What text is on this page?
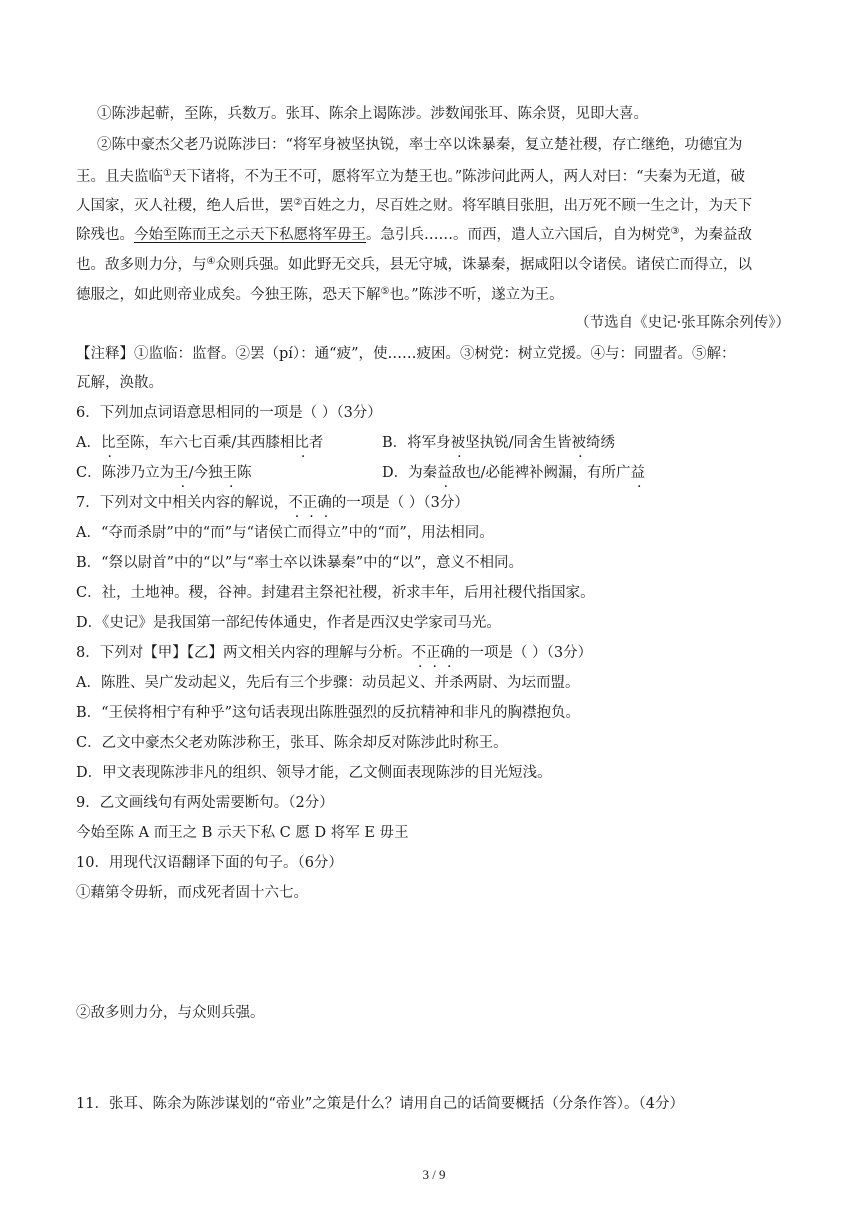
①陈涉起蕲，至陈，兵数万。张耳、陈余上谒陈涉。涉数闻张耳、陈余贤，见即大喜。
②陈中豪杰父老乃说陈涉曰：“将军身被坚执锐，率士卒以诛暴秦，复立楚社稷，存亡继绝，功德宜为
王。且夫监临①天下诸将，不为王不可，愿将军立为楚王也。”陈涉问此两人，两人对曰：“夫秦为无道，破
人国家，灭人社稷，绝人后世，罢②百姓之力，尽百姓之财。将军瞋目张胆，出万死不顾一生之计，为天下
除残也。今始至陈而王之示天下私愿将军毋王。急引兵……。而西，遣人立六国后，自为树党③，为秦益敌
也。敌多则力分，与④众则兵强。如此野无交兵，县无守城，诛暴秦，据咸阳以令诸侯。诸侯亡而得立，以
德服之，如此则帝业成矣。今独王陈，恐天下解⑤也。”陈涉不听，遂立为王。
（节选自《史记·张耳陈余列传》）
【注释】①监临：监督。②罢（pí）：通“疲”，使……疲困。③树党：树立党援。④与：同盟者。⑤解：
瓦解，涣散。
6．下列加点词语意思相同的一项是（ ）（3分）
A．比至陈，车六七百乘/其西膝相比者	B．将军身被坚执锐/同舍生皆被绮绣
C．陈涉乃立为王/今独王陈	D．为秦益敌也/必能裨补阙漏，有所广益
7．下列对文中相关内容的解说，不正确的一项是（ ）（3分）
A．“夺而杀尉”中的“而”与“诸侯亡而得立”中的“而”，用法相同。
B．“祭以尉首”中的“以”与“率士卒以诛暴秦”中的“以”，意义不相同。
C．社，土地神。稷，谷神。封建君主祭祀社稷，祈求丰年，后用社稷代指国家。
D．《史记》是我国第一部纪传体通史，作者是西汉史学家司马光。
8．下列对【甲】【乙】两文相关内容的理解与分析。不正确的一项是（ ）（3分）
A．陈胜、吴广发动起义，先后有三个步骤：动员起义、并杀两尉、为坛而盟。
B．“王侯将相宁有种乎”这句话表现出陈胜强烈的反抗精神和非凡的胸襟抱负。
C．乙文中豪杰父老劝陈涉称王，张耳、陈余却反对陈涉此时称王。
D．甲文表现陈涉非凡的组织、领导才能，乙文侧面表现陈涉的目光短浅。
9．乙文画线句有两处需要断句。（2分）
今始至陈 A 而王之 B 示天下私 C 愿 D 将军 E 毋王
10．用现代汉语翻译下面的句子。（6分）
①藉第令毋斩，而戍死者固十六七。
②敌多则力分，与众则兵强。
11．张耳、陈余为陈涉谋划的“帝业”之策是什么？请用自己的话简要概括（分条作答）。（4分）
3 / 9
